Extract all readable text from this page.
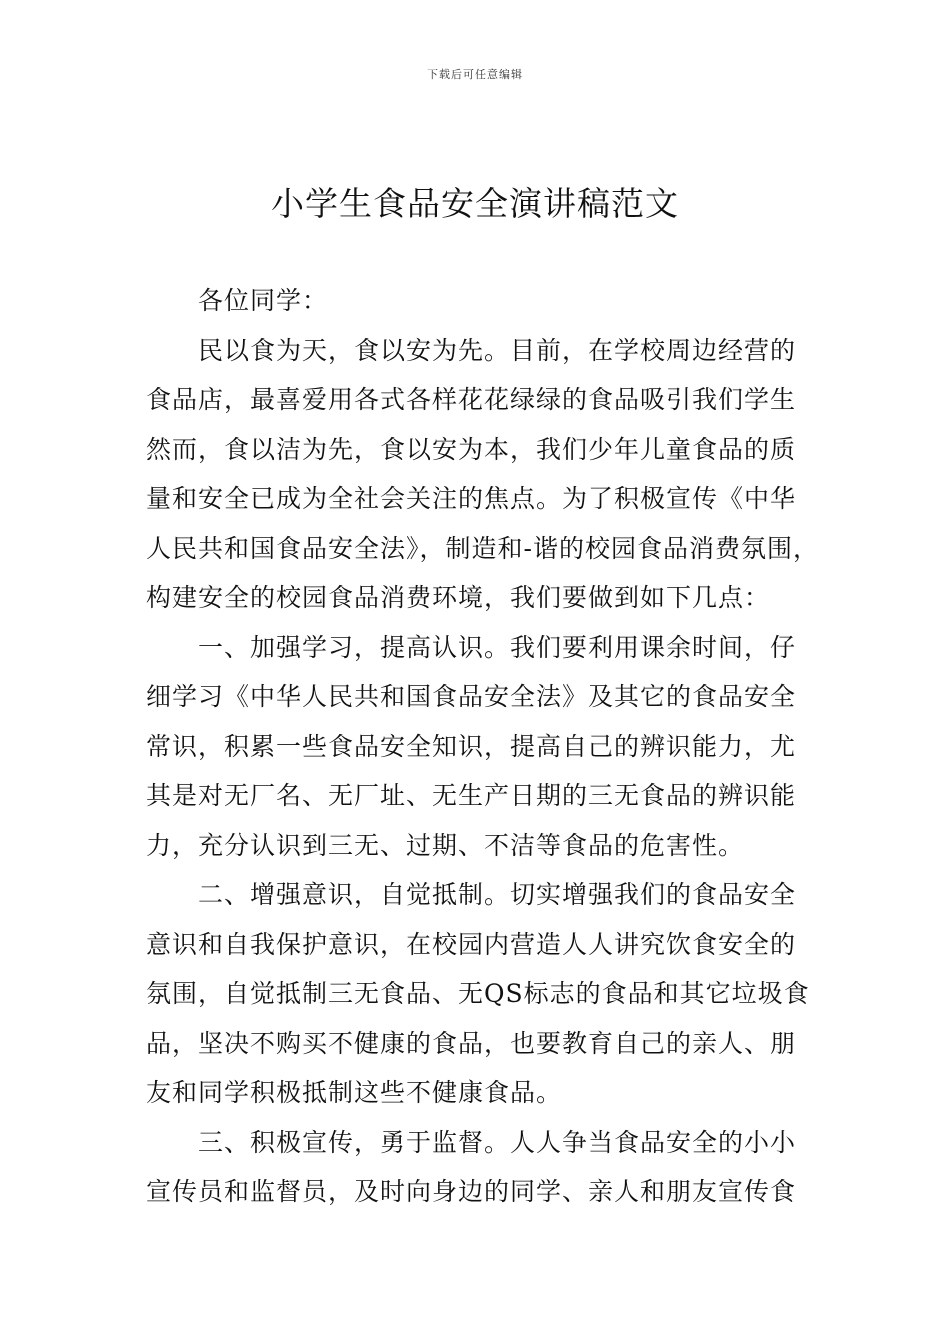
下载后可任意编辑
小学生食品安全演讲稿范文
各位同学：
民以食为天，食以安为先。目前，在学校周边经营的
食品店，最喜爱用各式各样花花绿绿的食品吸引我们学生
然而，食以洁为先，食以安为本，我们少年儿童食品的质
量和安全已成为全社会关注的焦点。为了积极宣传《中华
人民共和国食品安全法》，制造和-谐的校园食品消费氛围，
构建安全的校园食品消费环境，我们要做到如下几点：
一、加强学习，提高认识。我们要利用课余时间，仔
细学习《中华人民共和国食品安全法》及其它的食品安全
常识，积累一些食品安全知识，提高自己的辨识能力，尤
其是对无厂名、无厂址、无生产日期的三无食品的辨识能
力，充分认识到三无、过期、不洁等食品的危害性。
二、增强意识，自觉抵制。切实增强我们的食品安全
意识和自我保护意识，在校园内营造人人讲究饮食安全的
氛围，自觉抵制三无食品、无QS标志的食品和其它垃圾食
品，坚决不购买不健康的食品，也要教育自己的亲人、朋
友和同学积极抵制这些不健康食品。
三、积极宣传，勇于监督。人人争当食品安全的小小
宣传员和监督员，及时向身边的同学、亲人和朋友宣传食
